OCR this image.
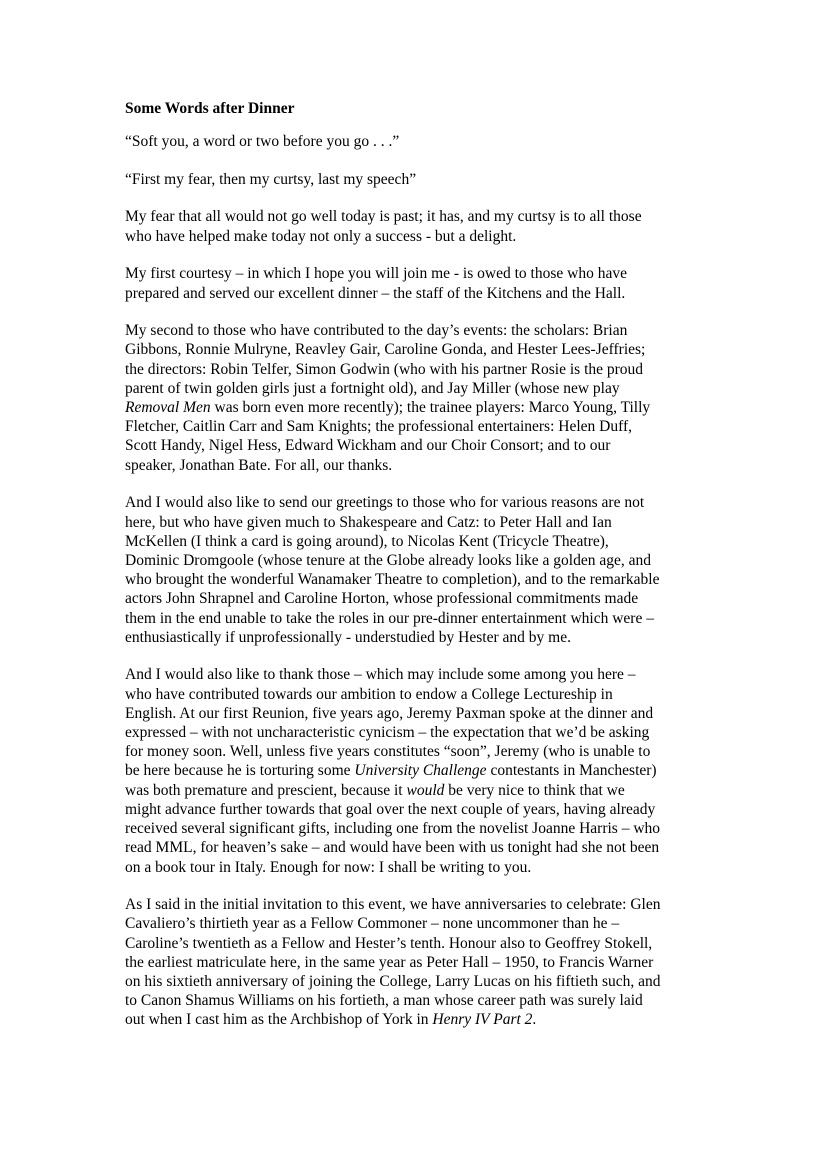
Some Words after Dinner

“Soft you, a word or two before you go . . .”

“First my fear, then my curtsy, last my speech”

My fear that all would not go well today is past; it has, and my curtsy is to all those
who have helped make today not only a success - but a delight.

My first courtesy – in which I hope you will join me - is owed to those who have
prepared and served our excellent dinner – the staff of the Kitchens and the Hall.

My second to those who have contributed to the day’s events: the scholars: Brian
Gibbons, Ronnie Mulryne, Reavley Gair, Caroline Gonda, and Hester Lees-Jeffries;
the directors: Robin Telfer, Simon Godwin (who with his partner Rosie is the proud
parent of twin golden girls just a fortnight old), and Jay Miller (whose new play
Removal Men was born even more recently); the trainee players: Marco Young, Tilly
Fletcher, Caitlin Carr and Sam Knights; the professional entertainers: Helen Duff,
Scott Handy, Nigel Hess, Edward Wickham and our Choir Consort; and to our
speaker, Jonathan Bate. For all, our thanks.

And I would also like to send our greetings to those who for various reasons are not
here, but who have given much to Shakespeare and Catz: to Peter Hall and Ian
McKellen (I think a card is going around), to Nicolas Kent (Tricycle Theatre),
Dominic Dromgoole (whose tenure at the Globe already looks like a golden age, and
who brought the wonderful Wanamaker Theatre to completion), and to the remarkable
actors John Shrapnel and Caroline Horton, whose professional commitments made
them in the end unable to take the roles in our pre-dinner entertainment which were –
enthusiastically if unprofessionally - understudied by Hester and by me.

And I would also like to thank those – which may include some among you here –
who have contributed towards our ambition to endow a College Lectureship in
English. At our first Reunion, five years ago, Jeremy Paxman spoke at the dinner and
expressed – with not uncharacteristic cynicism – the expectation that we’d be asking
for money soon. Well, unless five years constitutes “soon”, Jeremy (who is unable to
be here because he is torturing some University Challenge contestants in Manchester)
was both premature and prescient, because it would be very nice to think that we
might advance further towards that goal over the next couple of years, having already
received several significant gifts, including one from the novelist Joanne Harris – who
read MML, for heaven’s sake – and would have been with us tonight had she not been
on a book tour in Italy. Enough for now: I shall be writing to you.

As I said in the initial invitation to this event, we have anniversaries to celebrate: Glen
Cavaliero’s thirtieth year as a Fellow Commoner – none uncommoner than he –
Caroline’s twentieth as a Fellow and Hester’s tenth. Honour also to Geoffrey Stokell,
the earliest matriculate here, in the same year as Peter Hall – 1950, to Francis Warner
on his sixtieth anniversary of joining the College, Larry Lucas on his fiftieth such, and
to Canon Shamus Williams on his fortieth, a man whose career path was surely laid
out when I cast him as the Archbishop of York in Henry IV Part 2.
